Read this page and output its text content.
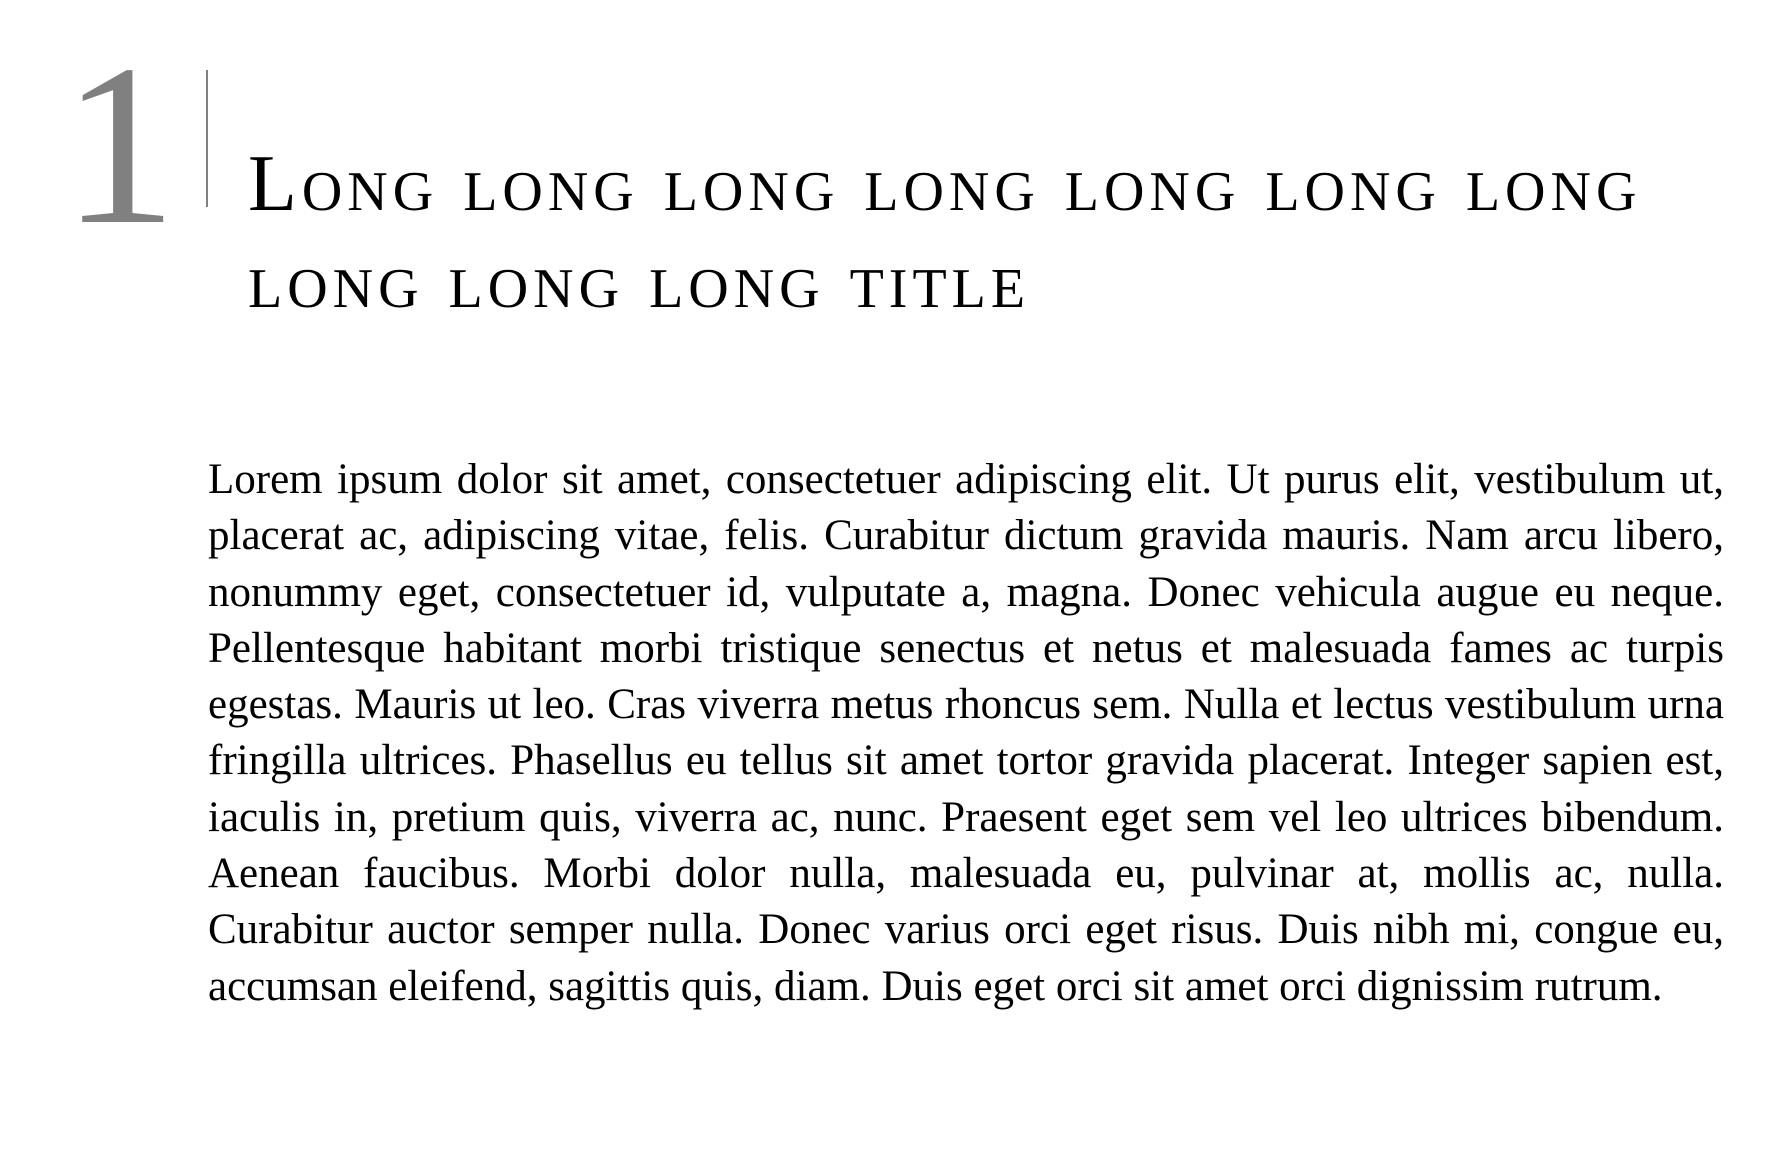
1 Long long long long long long long long long long title

Lorem ipsum dolor sit amet, consectetuer adipiscing elit. Ut purus elit, vestibulum ut, placerat ac, adipiscing vitae, felis. Curabitur dictum gravida mauris. Nam arcu libero, nonummy eget, consectetuer id, vulputate a, magna. Donec vehicula augue eu neque. Pellentesque habitant morbi tristique senectus et netus et malesuada fames ac turpis egestas. Mauris ut leo. Cras viverra metus rhoncus sem. Nulla et lectus vestibulum urna fringilla ultrices. Phasellus eu tellus sit amet tortor gravida placerat. Integer sapien est, iaculis in, pretium quis, viverra ac, nunc. Praesent eget sem vel leo ultrices bibendum. Aenean faucibus. Morbi dolor nulla, malesuada eu, pulvinar at, mollis ac, nulla. Curabitur auctor semper nulla. Donec varius orci eget risus. Duis nibh mi, congue eu, accumsan eleifend, sagittis quis, diam. Duis eget orci sit amet orci dignissim rutrum.
